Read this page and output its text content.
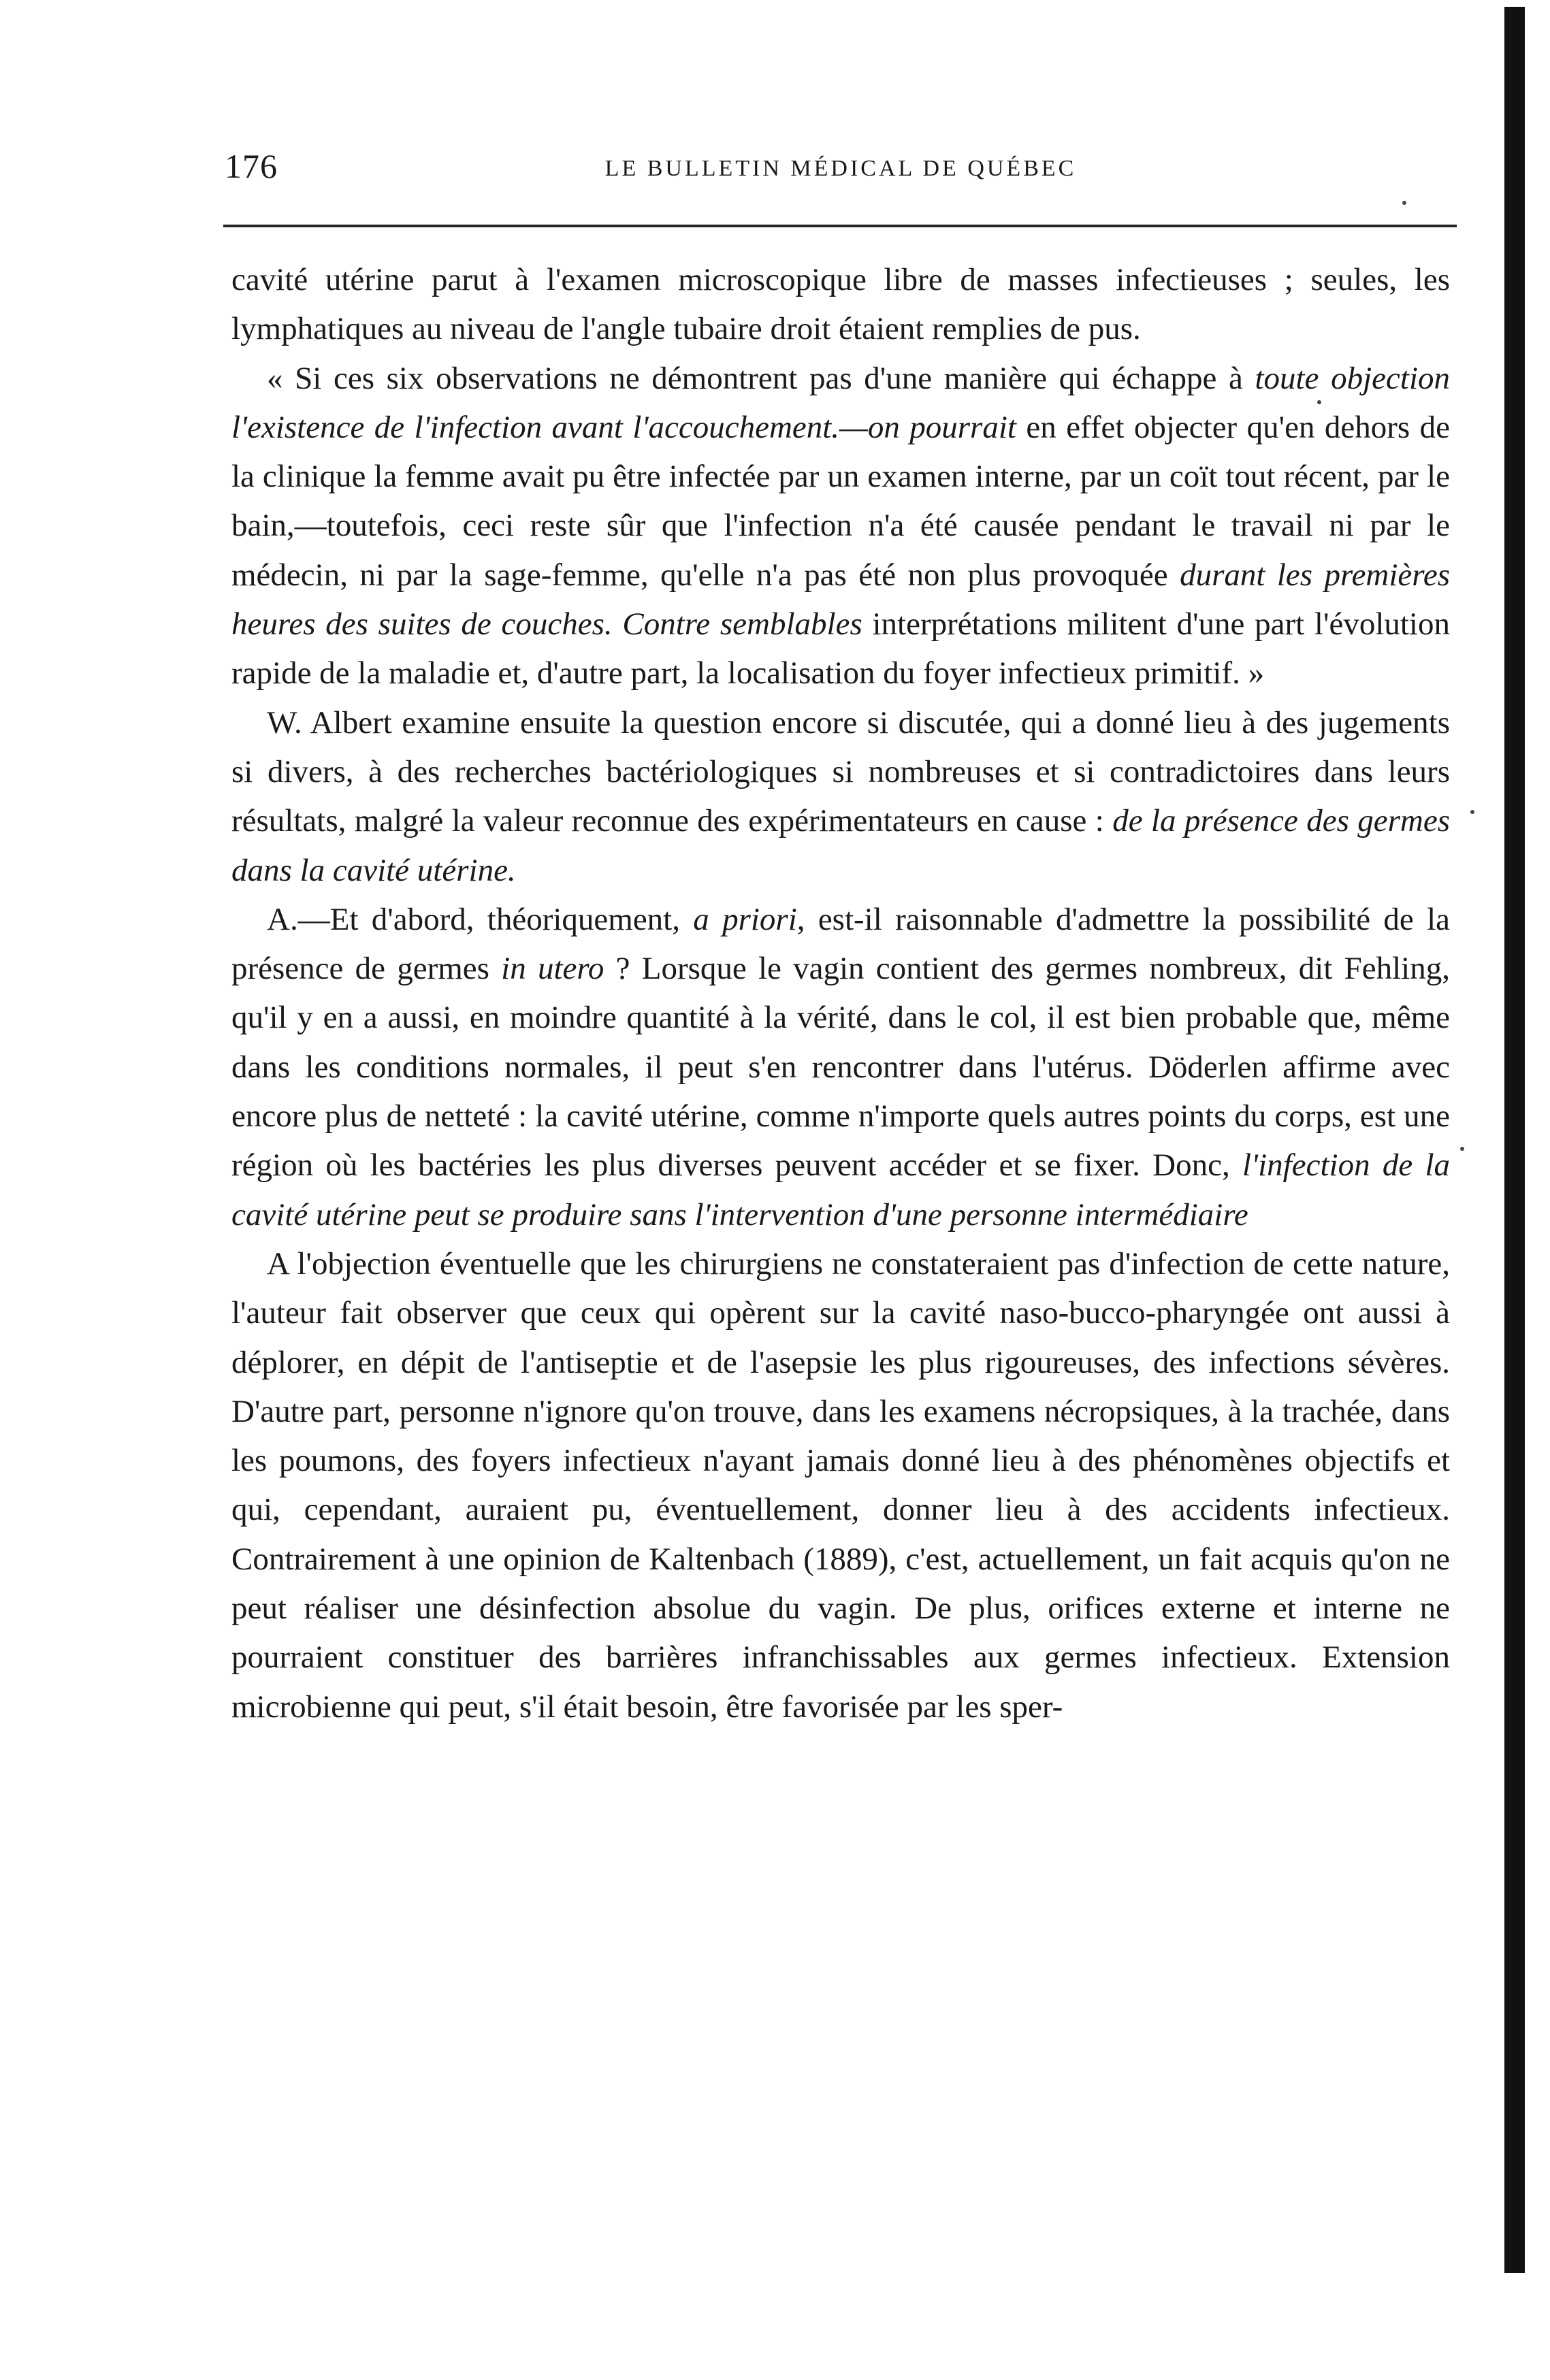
176	LE BULLETIN MÉDICAL DE QUÉBEC

cavité utérine parut à l'examen microscopique libre de masses infectieuses ; seules, les lymphatiques au niveau de l'angle tubaire droit étaient remplies de pus.

« Si ces six observations ne démontrent pas d'une manière qui échappe à toute objection l'existence de l'infection avant l'accouchement.—on pourrait en effet objecter qu'en dehors de la clinique la femme avait pu être infectée par un examen interne, par un coït tout récent, par le bain,—toutefois, ceci reste sûr que l'infection n'a été causée pendant le travail ni par le médecin, ni par la sage-femme, qu'elle n'a pas été non plus provoquée durant les premières heures des suites de couches. Contre semblables interprétations militent d'une part l'évolution rapide de la maladie et, d'autre part, la localisation du foyer infectieux primitif. »

W. Albert examine ensuite la question encore si discutée, qui a donné lieu à des jugements si divers, à des recherches bactériologiques si nombreuses et si contradictoires dans leurs résultats, malgré la valeur reconnue des expérimentateurs en cause : de la présence des germes dans la cavité utérine.

A.—Et d'abord, théoriquement, a priori, est-il raisonnable d'admettre la possibilité de la présence de germes in utero ? Lorsque le vagin contient des germes nombreux, dit Fehling, qu'il y en a aussi, en moindre quantité à la vérité, dans le col, il est bien probable que, même dans les conditions normales, il peut s'en rencontrer dans l'utérus. Döderlen affirme avec encore plus de netteté : la cavité utérine, comme n'importe quels autres points du corps, est une région où les bactéries les plus diverses peuvent accéder et se fixer. Donc, l'infection de la cavité utérine peut se produire sans l'intervention d'une personne intermédiaire

A l'objection éventuelle que les chirurgiens ne constateraient pas d'infection de cette nature, l'auteur fait observer que ceux qui opèrent sur la cavité naso-bucco-pharyngée ont aussi à déplorer, en dépit de l'antiseptie et de l'asepsie les plus rigoureuses, des infections sévères. D'autre part, personne n'ignore qu'on trouve, dans les examens nécropsiques, à la trachée, dans les poumons, des foyers infectieux n'ayant jamais donné lieu à des phénomènes objectifs et qui, cependant, auraient pu, éventuellement, donner lieu à des accidents infectieux. Contrairement à une opinion de Kaltenbach (1889), c'est, actuellement, un fait acquis qu'on ne peut réaliser une désinfection absolue du vagin. De plus, orifices externe et interne ne pourraient constituer des barrières infranchissables aux germes infectieux. Extension microbienne qui peut, s'il était besoin, être favorisée par les sper-
